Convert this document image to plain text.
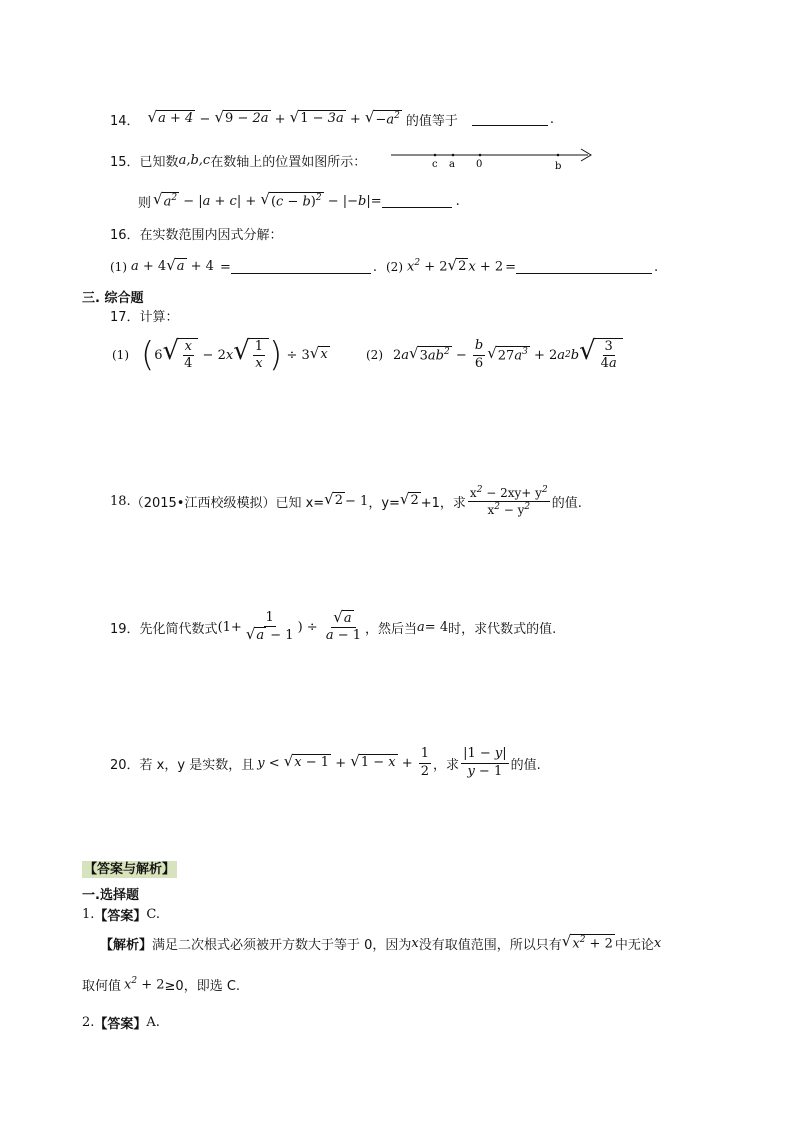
14． √ a + 4 − √ 9 − 2a + √ 1 − 3a + √ $-a^2$ 的值等于	.
15． 已知数 a,b,c 在数轴上的位置如图所示：	c a 0	b
则 √ $a^2 - |a + c|$ + √ $(c - b)^2 - |-b|$ =	.
16． 在实数范围内因式分解：
(1) a + 4 √ a + 4 =	. (2) $x^2 + 2$ √ 2 x + 2 =	.
三. 综合题
17． 计算：
(1) ( 6 √ $\frac{x}{4} - 2$ x √ $\frac{1}{x}$ ) ÷ 3 √ x	(2) 2 a √ $3ab^2 - \frac{b}{6}$ √ $27a^3 + 2$ a 2 b √ $\frac{3}{4a}$
18. （2015•江西校级模拟）已知 x= √ 2 − 1 ，y= √ 2 +1，求 $\frac{x^2 - 2xy+ y^2}{x^2 - y^2}$ 的值.
19． 先化简代数式 ($1+ \frac{1}{√ a - 1}$ ) ÷ $\frac{√ a}{a - 1}$ ，然后当 a = 4 时，求代数式的值.
20． 若 x，y 是实数，且 y < √ x − 1 + √ $1 - x + \frac{1}{2}$ ，求 $\frac{|1 - y|}{y - 1}$ 的值.
【答案与解析】
一.选择题
1. 【答案】 C.
【解析】 满足二次根式必须被开方数大于等于 0，因为 x 没有取值范围，所以只有 √ $x^2 + 2$ 中无论 x
取何值 $x^2 + 2 \ge 0$，即选 C.
2. 【答案】 A.
